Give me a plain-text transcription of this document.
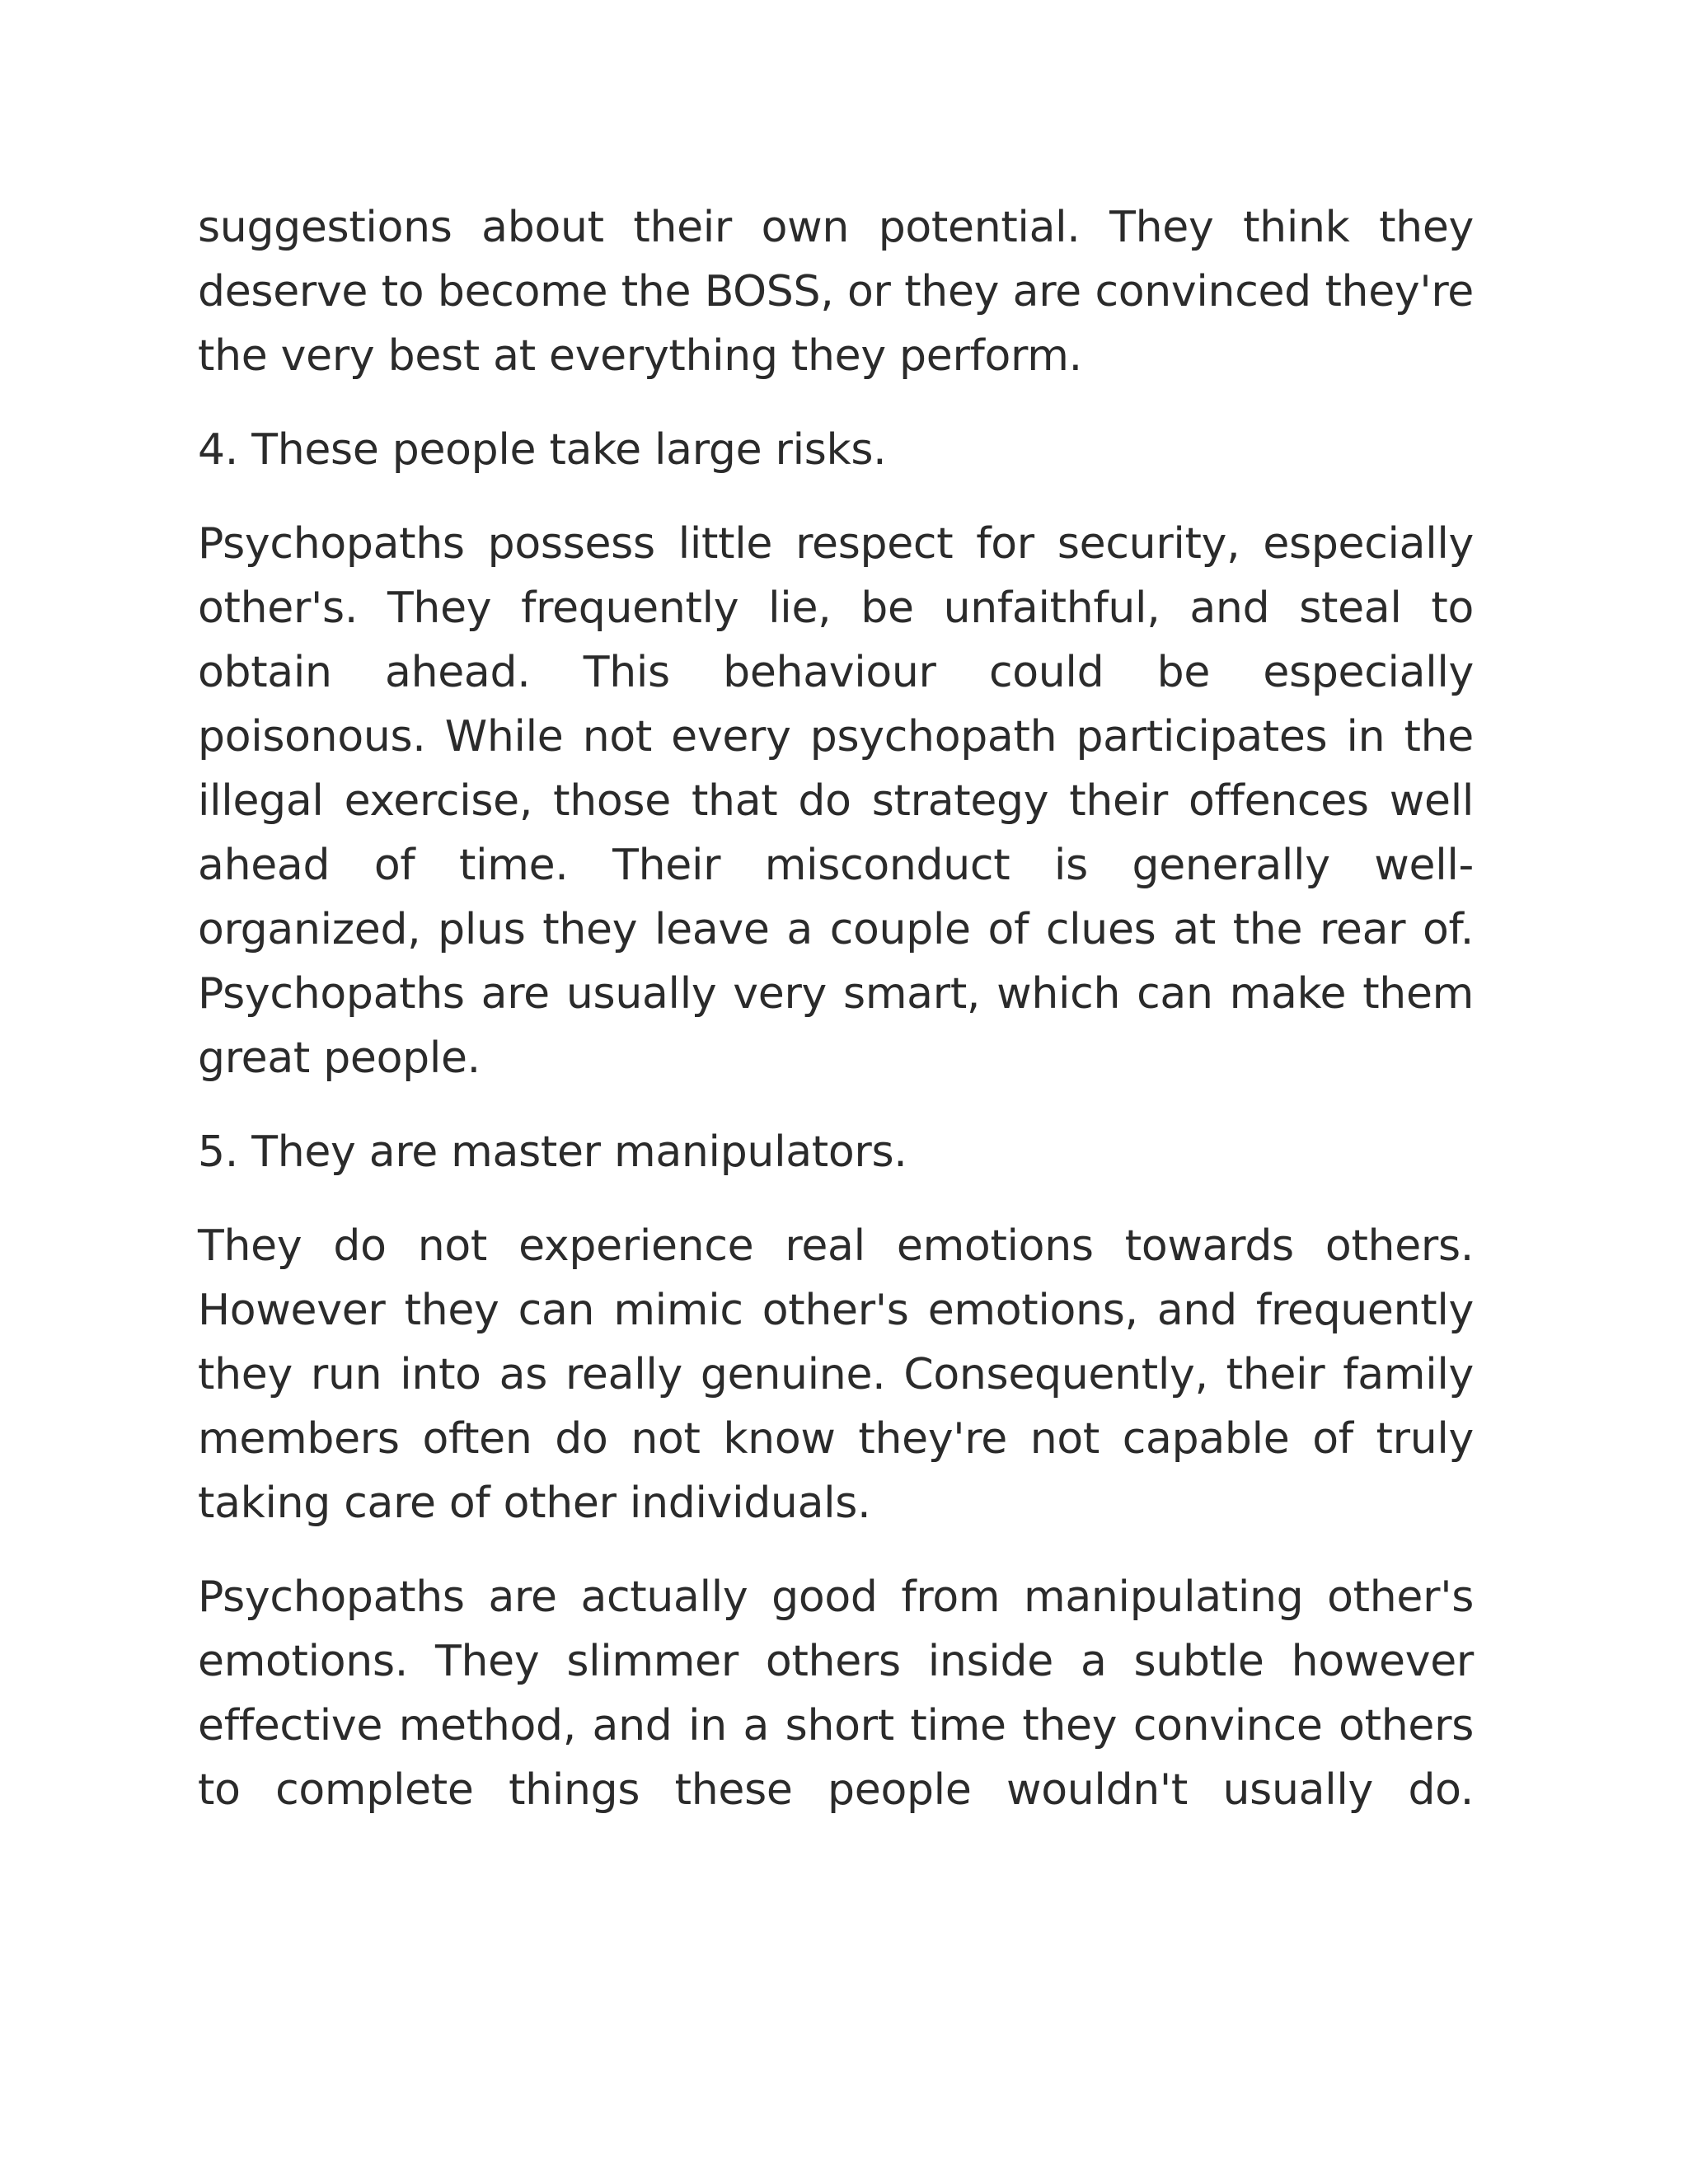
suggestions about their own potential. They think they deserve to become the BOSS, or they are convinced they're the very best at everything they perform.

4. These people take large risks.

Psychopaths possess little respect for security, especially other's. They frequently lie, be unfaithful, and steal to obtain ahead. This behaviour could be especially poisonous. While not every psychopath participates in the illegal exercise, those that do strategy their offences well ahead of time. Their misconduct is generally well-organized, plus they leave a couple of clues at the rear of. Psychopaths are usually very smart, which can make them great people.

5. They are master manipulators.

They do not experience real emotions towards others. However they can mimic other's emotions, and frequently they run into as really genuine. Consequently, their family members often do not know they're not capable of truly taking care of other individuals.

Psychopaths are actually good from manipulating other's emotions. They slimmer others inside a subtle however effective method, and in a short time they convince others to complete things these people wouldn't usually do.
